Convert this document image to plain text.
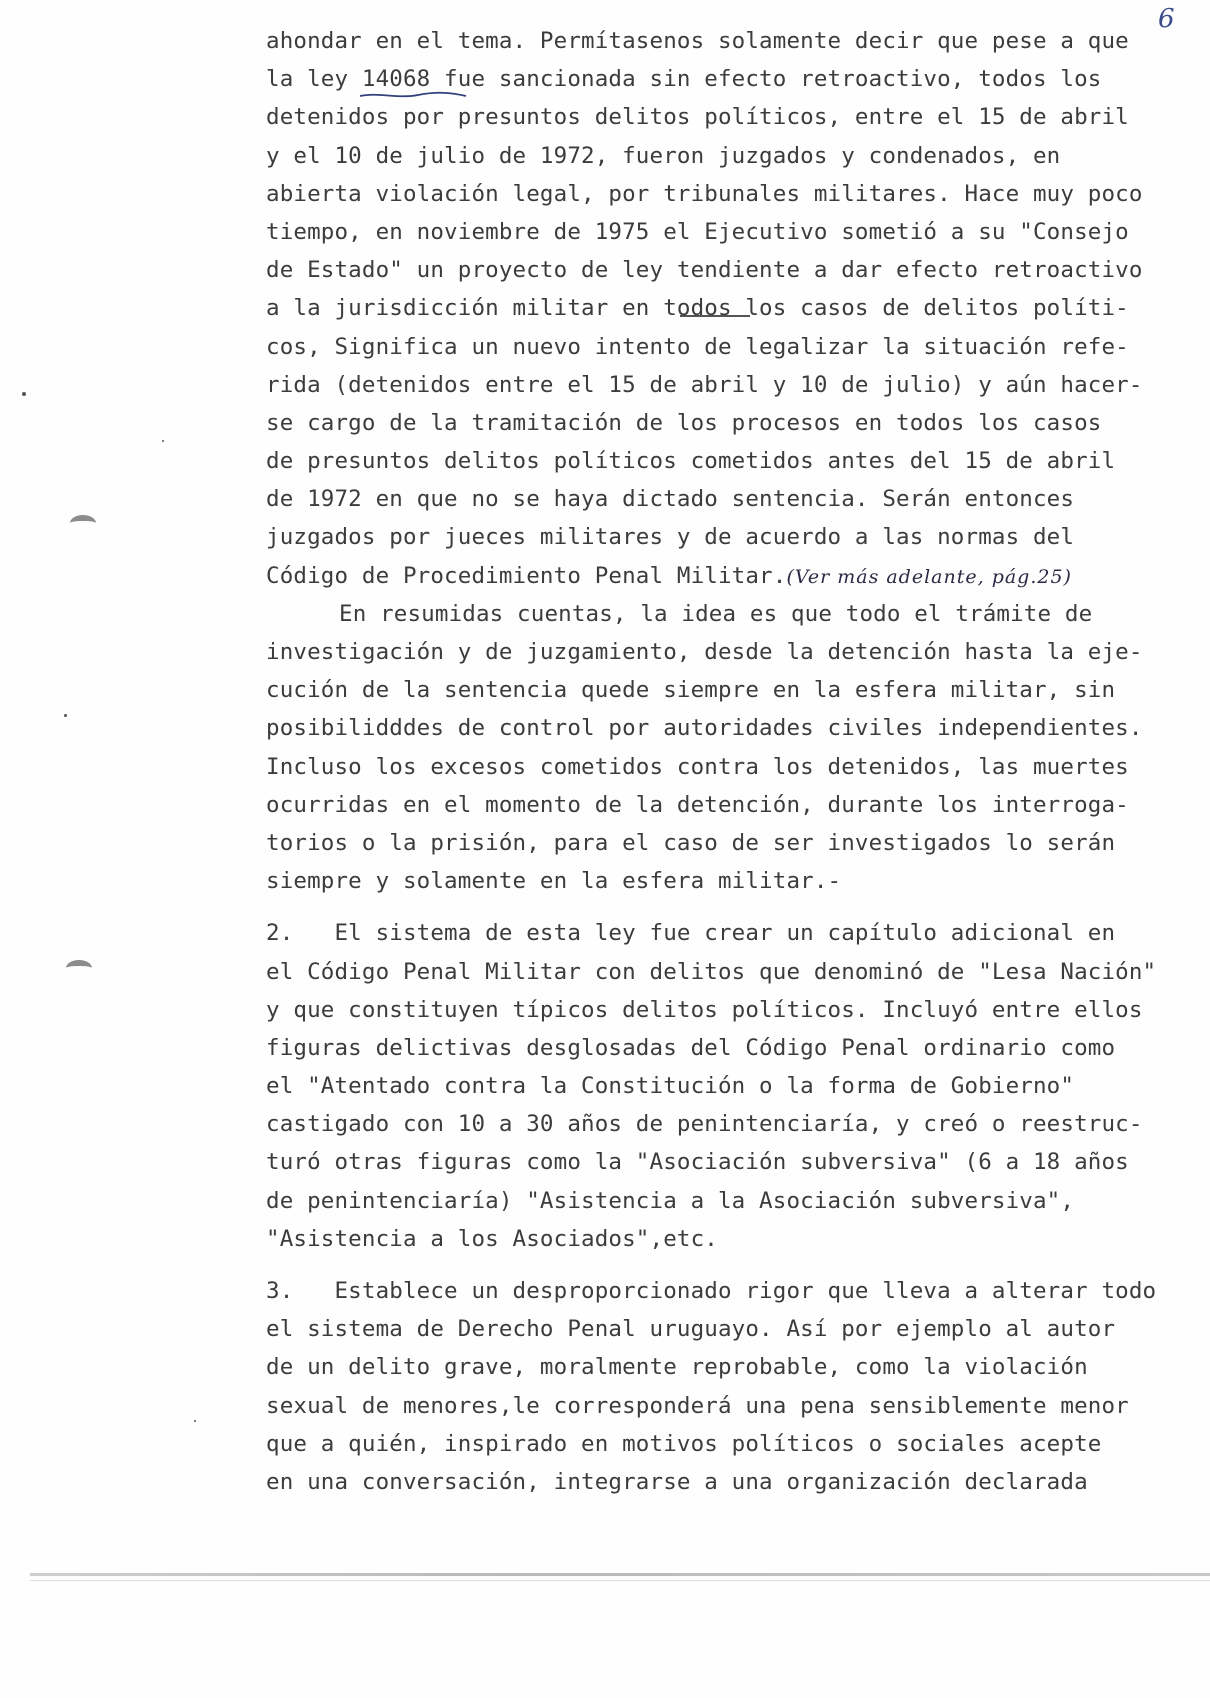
6
ahondar en el tema. Permítasenos solamente decir que pese a que
la ley 14068 fue sancionada sin efecto retroactivo, todos los
detenidos por presuntos delitos políticos, entre el 15 de abril
y el 10 de julio de 1972, fueron juzgados y condenados, en
abierta violación legal, por tribunales militares. Hace muy poco
tiempo, en noviembre de 1975 el Ejecutivo sometió a su "Consejo
de Estado" un proyecto de ley tendiente a dar efecto retroactivo
a la jurisdicción militar en todos los casos de delitos políti-
cos, Significa un nuevo intento de legalizar la situación refe-
rida (detenidos entre el 15 de abril y 10 de julio) y aún hacer-
se cargo de la tramitación de los procesos en todos los casos
de presuntos delitos políticos cometidos antes del 15 de abril
de 1972 en que no se haya dictado sentencia. Serán entonces
juzgados por jueces militares y de acuerdo a las normas del
Código de Procedimiento Penal Militar.(Ver más adelante, pág.25)
En resumidas cuentas, la idea es que todo el trámite de
investigación y de juzgamiento, desde la detención hasta la eje-
cución de la sentencia quede siempre en la esfera militar, sin
posibilidddes de control por autoridades civiles independientes.
Incluso los excesos cometidos contra los detenidos, las muertes
ocurridas en el momento de la detención, durante los interroga-
torios o la prisión, para el caso de ser investigados lo serán
siempre y solamente en la esfera militar.-
2.   El sistema de esta ley fue crear un capítulo adicional en
el Código Penal Militar con delitos que denominó de "Lesa Nación"
y que constituyen típicos delitos políticos. Incluyó entre ellos
figuras delictivas desglosadas del Código Penal ordinario como
el "Atentado contra la Constitución o la forma de Gobierno"
castigado con 10 a 30 años de penintenciaría, y creó o reestruc-
turó otras figuras como la "Asociación subversiva" (6 a 18 años
de penintenciaría) "Asistencia a la Asociación subversiva",
"Asistencia a los Asociados",etc.
3.   Establece un desproporcionado rigor que lleva a alterar todo
el sistema de Derecho Penal uruguayo. Así por ejemplo al autor
de un delito grave, moralmente reprobable, como la violación
sexual de menores,le corresponderá una pena sensiblemente menor
que a quién, inspirado en motivos políticos o sociales acepte
en una conversación, integrarse a una organización declarada
